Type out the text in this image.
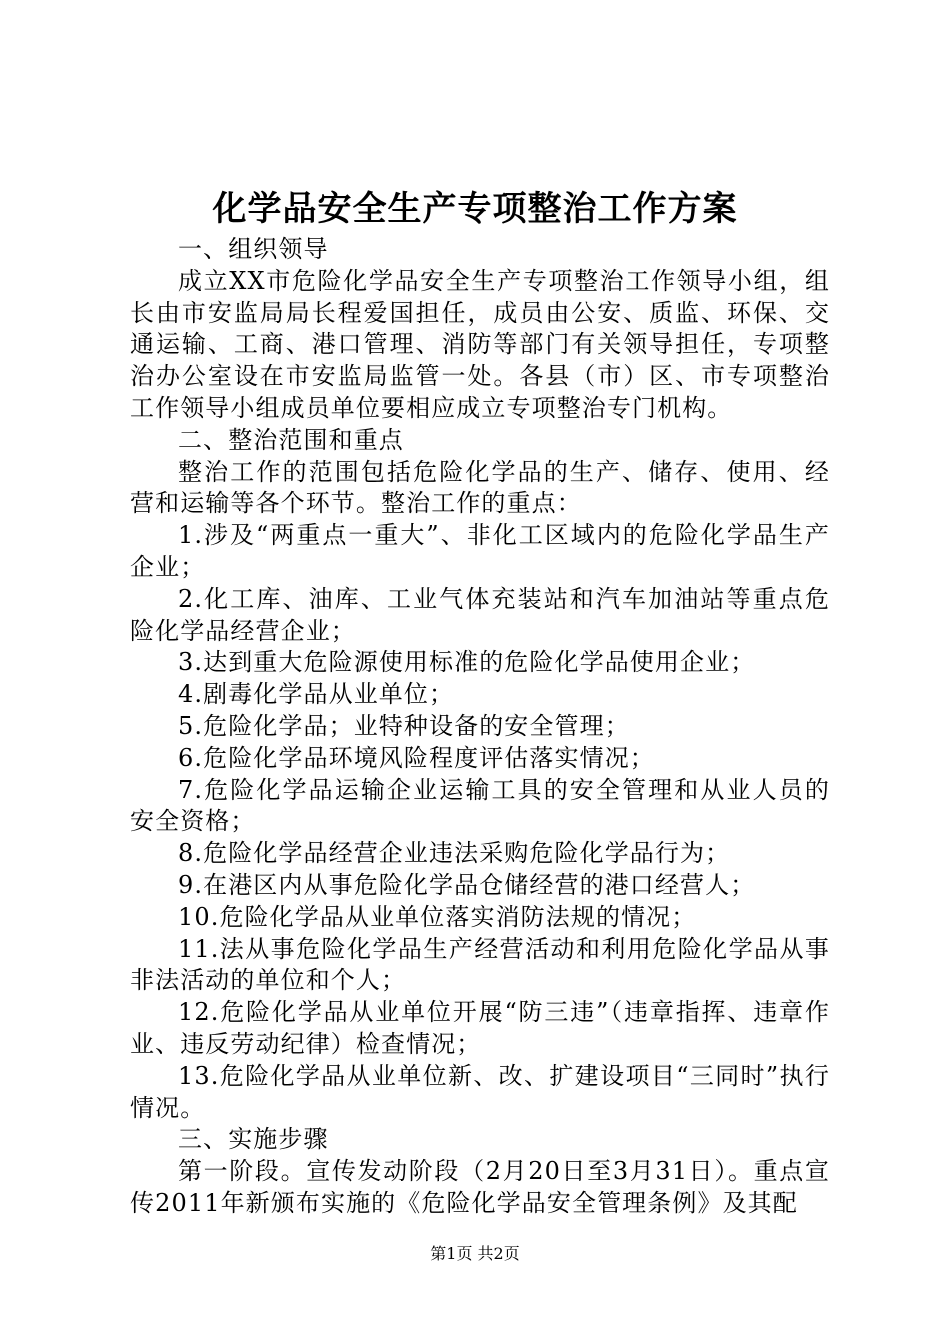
化学品安全生产专项整治工作方案

一、组织领导

成立XX市危险化学品安全生产专项整治工作领导小组，组长由市安监局局长程爱国担任，成员由公安、质监、环保、交通运输、工商、港口管理、消防等部门有关领导担任，专项整治办公室设在市安监局监管一处。各县（市）区、市专项整治工作领导小组成员单位要相应成立专项整治专门机构。

二、整治范围和重点

整治工作的范围包括危险化学品的生产、储存、使用、经营和运输等各个环节。整治工作的重点：

1.涉及“两重点一重大”、非化工区域内的危险化学品生产企业；

2.化工库、油库、工业气体充装站和汽车加油站等重点危险化学品经营企业；

3.达到重大危险源使用标准的危险化学品使用企业；

4.剧毒化学品从业单位；

5.危险化学品；业特种设备的安全管理；

6.危险化学品环境风险程度评估落实情况；

7.危险化学品运输企业运输工具的安全管理和从业人员的安全资格；

8.危险化学品经营企业违法采购危险化学品行为；

9.在港区内从事危险化学品仓储经营的港口经营人；

10.危险化学品从业单位落实消防法规的情况；

11.法从事危险化学品生产经营活动和利用危险化学品从事非法活动的单位和个人；

12.危险化学品从业单位开展“防三违”（违章指挥、违章作业、违反劳动纪律）检查情况；

13.危险化学品从业单位新、改、扩建设项目“三同时”执行情况。

三、实施步骤

第一阶段。宣传发动阶段（2月20日至3月31日）。重点宣传2011年新颁布实施的《危险化学品安全管理条例》及其配

第1页 共2页
